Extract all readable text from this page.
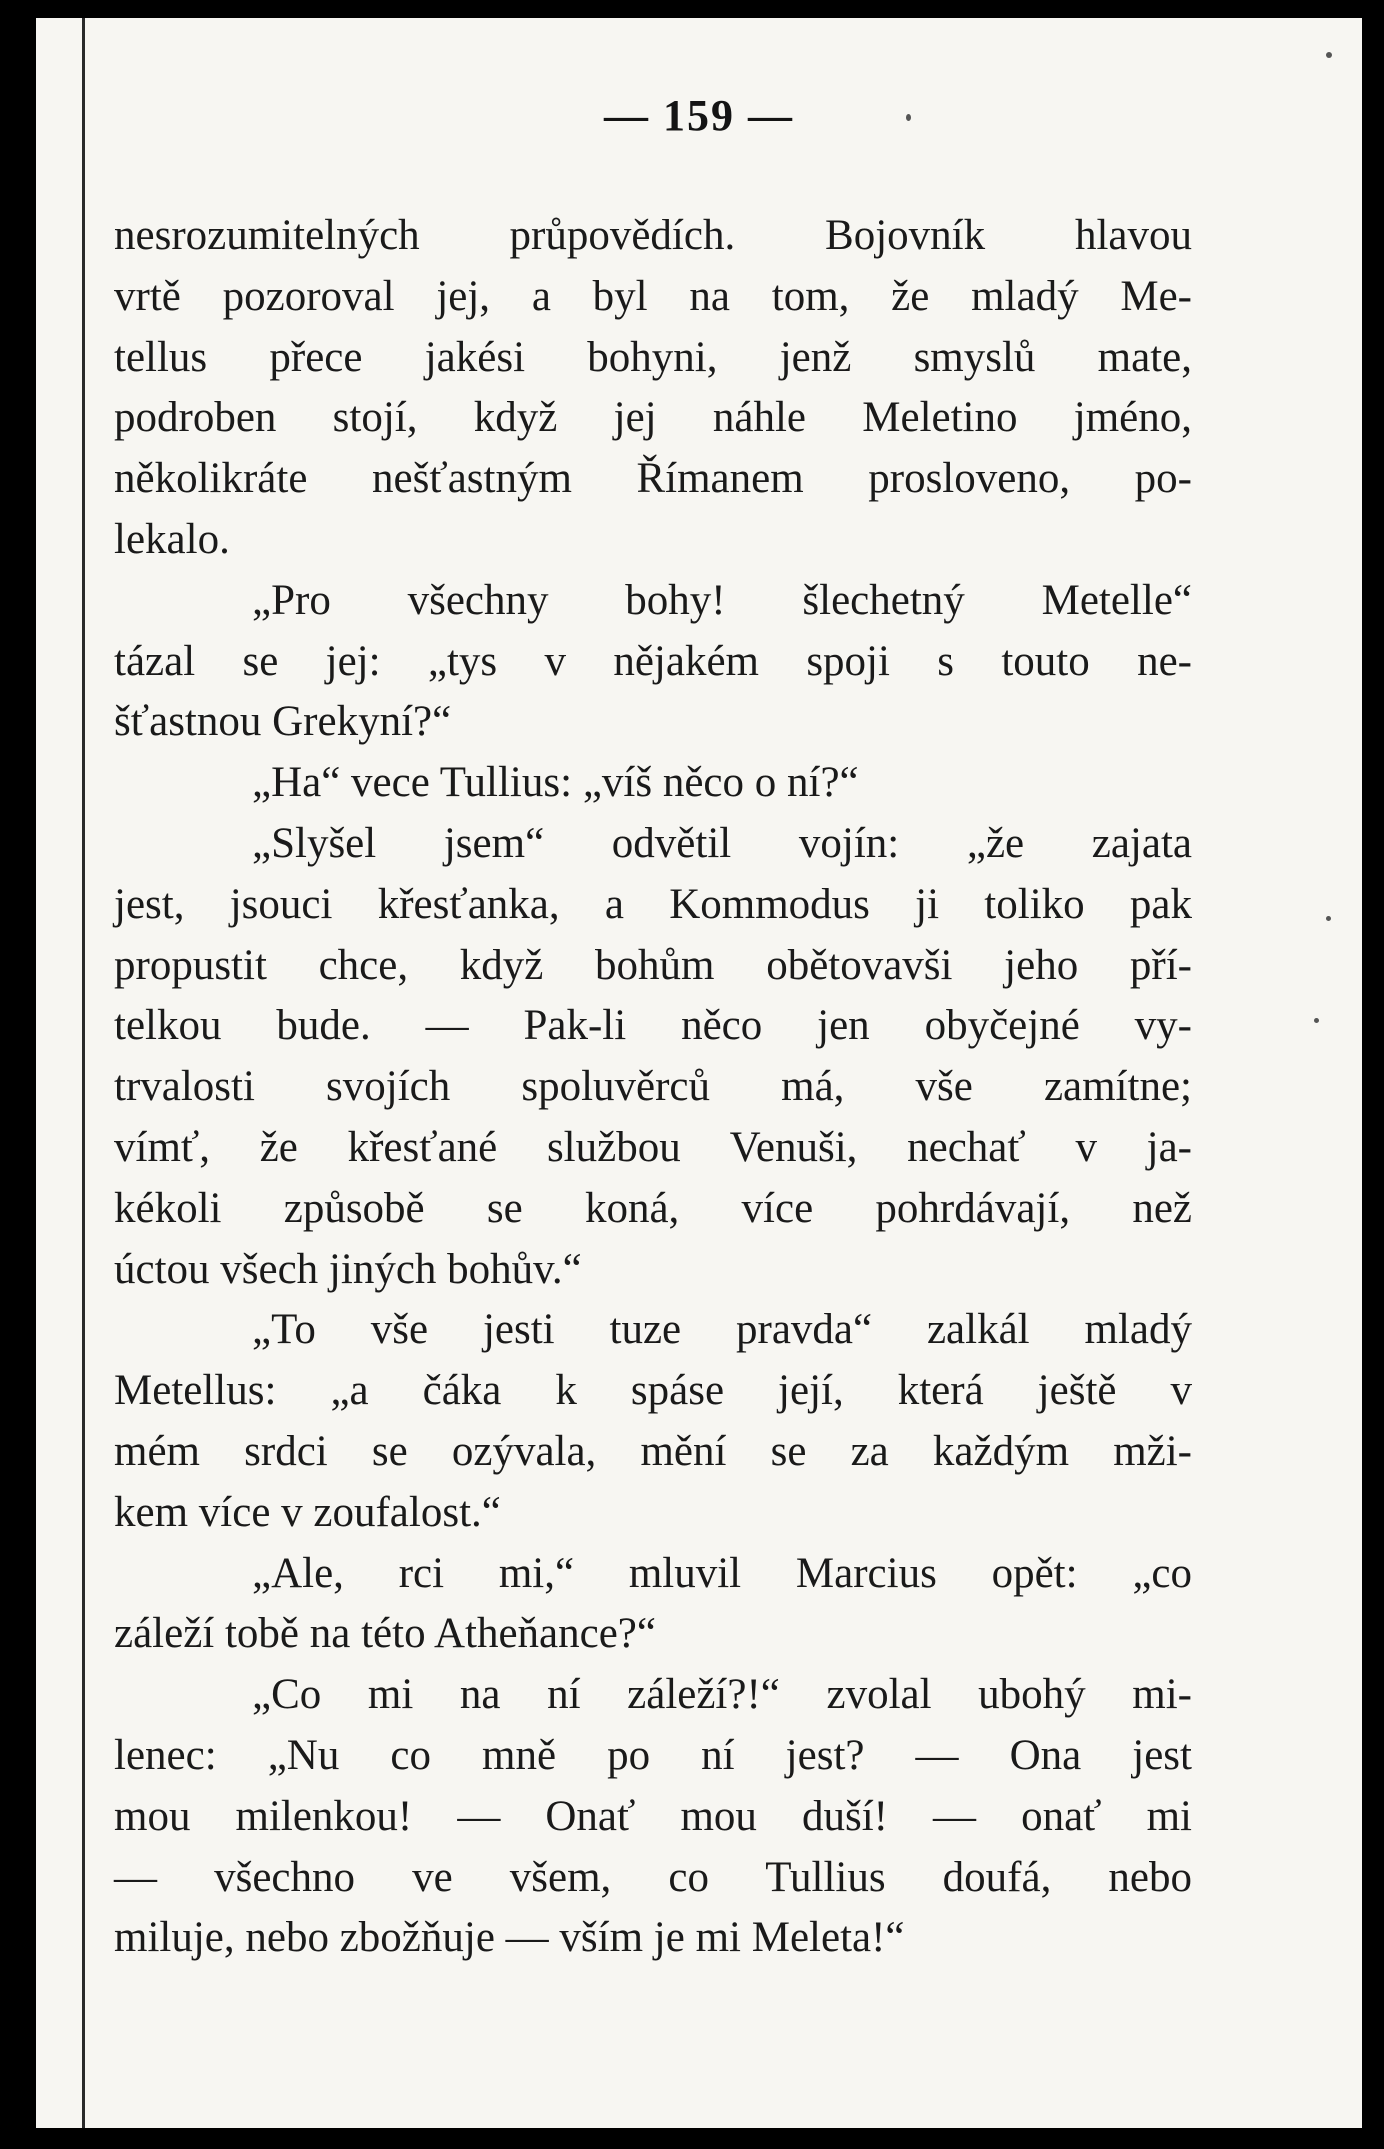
— 159 —
nesrozumitelných průpovědích. Bojovník hlavou
vrtě pozoroval jej, a byl na tom, že mladý Me-
tellus přece jakési bohyni, jenž smyslů mate,
podroben stojí, když jej náhle Meletino jméno,
několikráte nešťastným Římanem prosloveno, po-
lekalo.
„Pro všechny bohy! šlechetný Metelle“
tázal se jej: „tys v nějakém spoji s touto ne-
šťastnou Grekyní?“
„Ha“ vece Tullius: „víš něco o ní?“
„Slyšel jsem“ odvětil vojín: „že zajata
jest, jsouci křesťanka, a Kommodus ji toliko pak
propustit chce, když bohům obětovavši jeho pří-
telkou bude. — Pak-li něco jen obyčejné vy-
trvalosti svojích spoluvěrců má, vše zamítne;
vímť, že křesťané službou Venuši, nechať v ja-
kékoli způsobě se koná, více pohrdávají, než
úctou všech jiných bohův.“
„To vše jesti tuze pravda“ zalkál mladý
Metellus: „a čáka k spáse její, která ještě v
mém srdci se ozývala, mění se za každým mži-
kem více v zoufalost.“
„Ale, rci mi,“ mluvil Marcius opět: „co
záleží tobě na této Atheňance?“
„Co mi na ní záleží?!“ zvolal ubohý mi-
lenec: „Nu co mně po ní jest? — Ona jest
mou milenkou! — Onať mou duší! — onať mi
— všechno ve všem, co Tullius doufá, nebo
miluje, nebo zbožňuje — vším je mi Meleta!“
